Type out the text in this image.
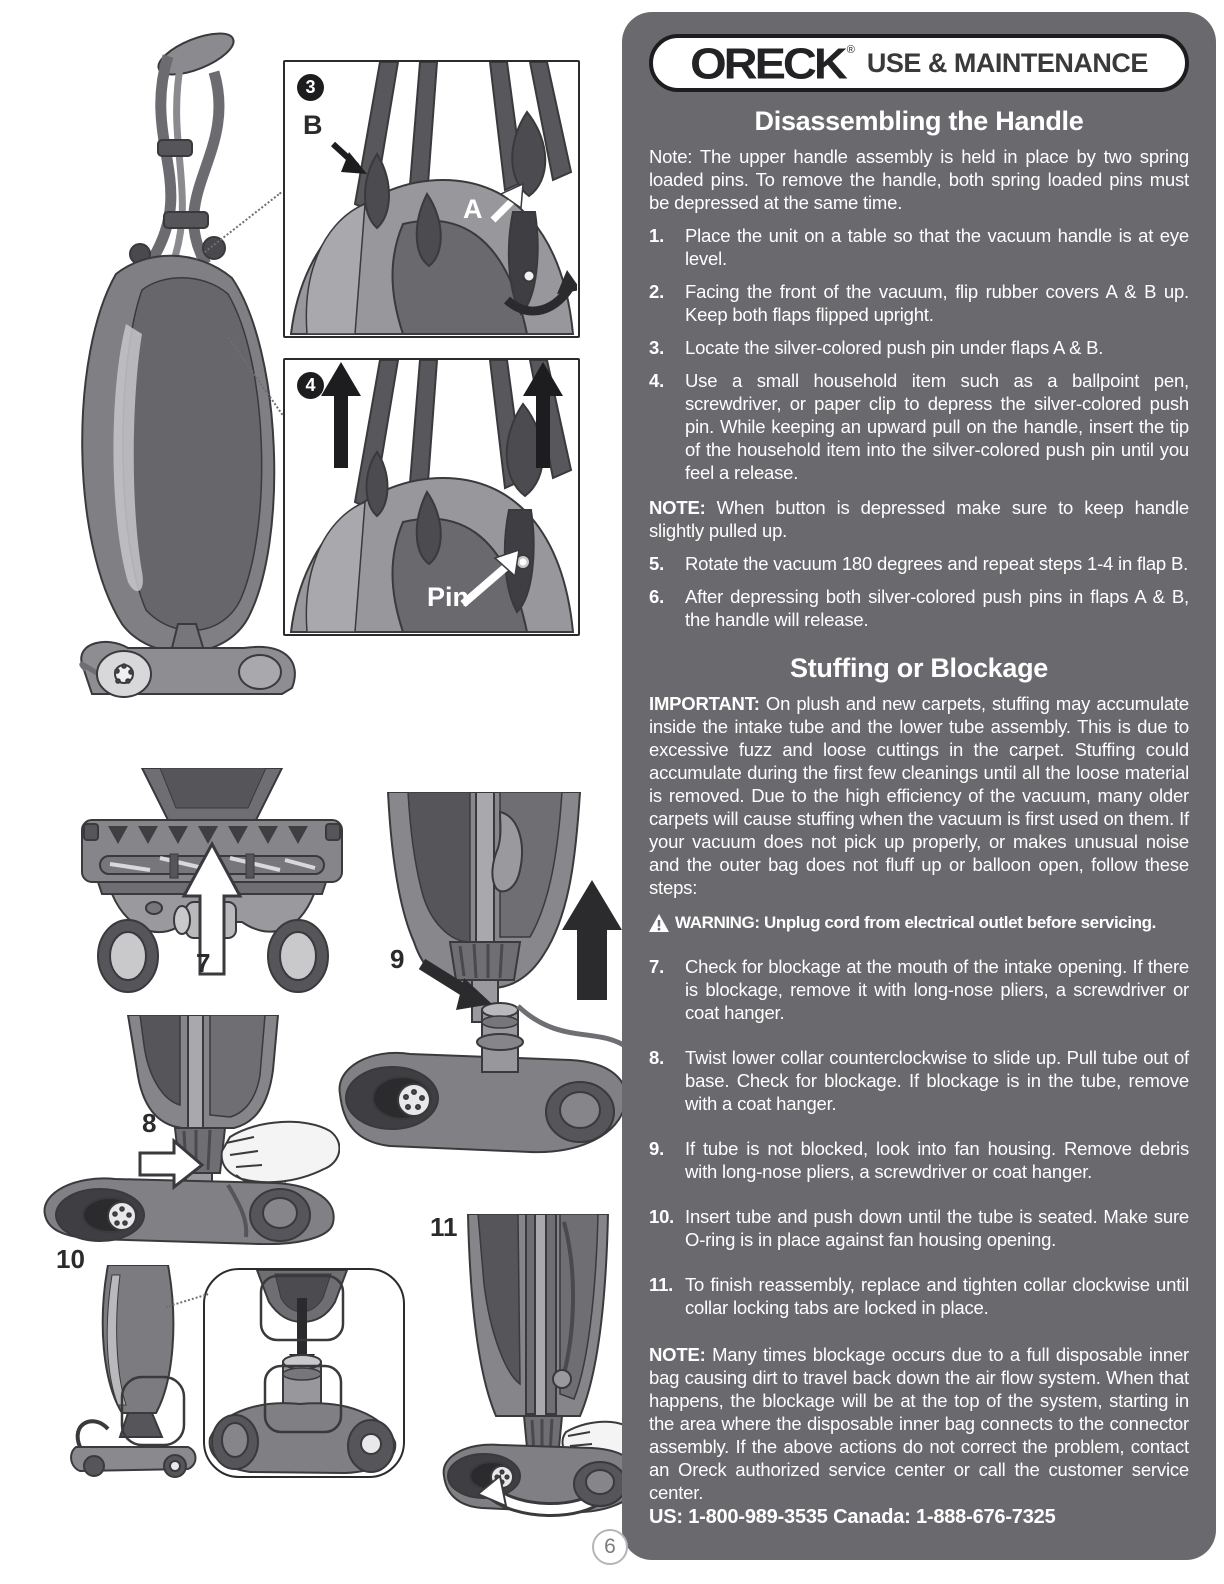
3
B
A
4
Pin
7	9
8
10
11
ORECK ® USE & MAINTENANCE
Disassembling the Handle

Note: The upper handle assembly is held in place by two spring loaded pins. To remove the handle, both spring loaded pins must be depressed at the same time.

1.	Place the unit on a table so that the vacuum handle is at eye level.
2.	Facing the front of the vacuum, flip rubber covers A & B up. Keep both flaps flipped upright.
3.	Locate the silver-colored push pin under flaps A & B.
4.	Use a small household item such as a ballpoint pen, screwdriver, or paper clip to depress the silver-colored push pin. While keeping an upward pull on the handle, insert the tip of the household item into the silver-colored push pin until you feel a release.

NOTE: When button is depressed make sure to keep handle slightly pulled up.

5.	Rotate the vacuum 180 degrees and repeat steps 1-4 in flap B.
6.	After depressing both silver-colored push pins in flaps A & B, the handle will release.
Stuffing or Blockage

IMPORTANT: On plush and new carpets, stuffing may accumulate inside the intake tube and the lower tube assembly. This is due to excessive fuzz and loose cuttings in the carpet. Stuffing could accumulate during the first few cleanings until all the loose material is removed. Due to the high efficiency of the vacuum, many older carpets will cause stuffing when the vacuum is first used on them. If your vacuum does not pick up properly, or makes unusual noise and the outer bag does not fluff up or balloon open, follow these steps:

WARNING: Unplug cord from electrical outlet before servicing.
7.	Check for blockage at the mouth of the intake opening. If there is blockage, remove it with long-nose pliers, a screwdriver or coat hanger.
8.	Twist lower collar counterclockwise to slide up. Pull tube out of base. Check for blockage. If blockage is in the tube, remove with a coat hanger.
9.	If tube is not blocked, look into fan housing. Remove debris with long-nose pliers, a screwdriver or coat hanger.
10. Insert tube and push down until the tube is seated. Make sure O-ring is in place against fan housing opening.
11. To finish reassembly, replace and tighten collar clockwise until collar locking tabs are locked in place.

NOTE: Many times blockage occurs due to a full disposable inner bag causing dirt to travel back down the air flow system. When that happens, the blockage will be at the top of the system, starting in the area where the disposable inner bag connects to the connector assembly. If the above actions do not correct the problem, contact an Oreck authorized service center or call the customer service center.

US: 1-800-989-3535 Canada: 1-888-676-7325
6
